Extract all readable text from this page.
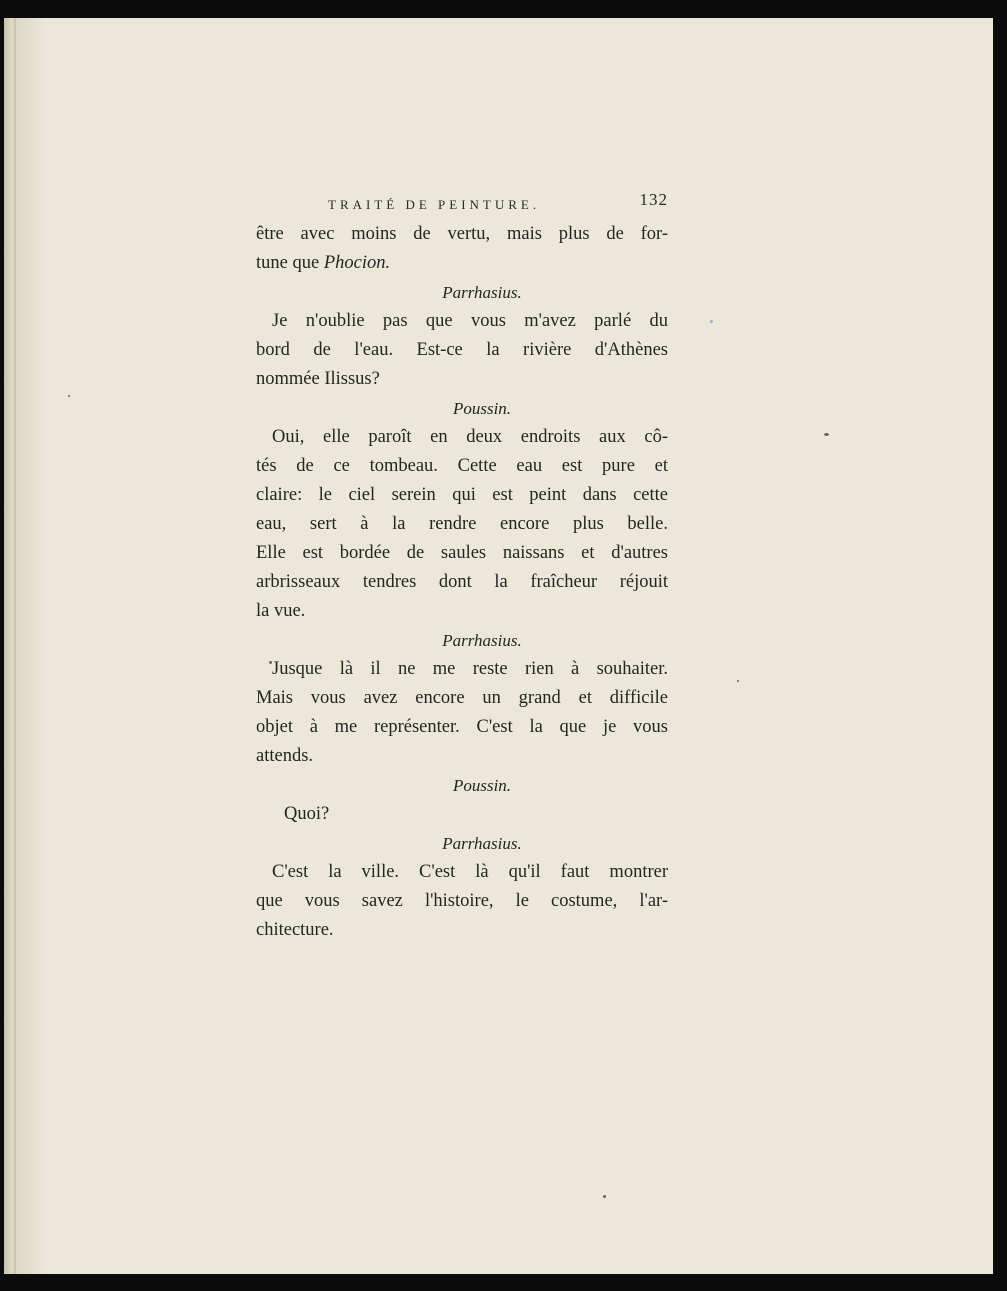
TRAITÉ DE PEINTURE.	132
être avec moins de vertu, mais plus de for-
tune que Phocion.
Parrhasius.
Je n'oublie pas que vous m'avez parlé du
bord de l'eau. Est-ce la rivière d'Athènes
nommée Ilissus?
Poussin.
Oui, elle paroît en deux endroits aux cô-
tés de ce tombeau. Cette eau est pure et
claire: le ciel serein qui est peint dans cette
eau, sert à la rendre encore plus belle.
Elle est bordée de saules naissans et d'autres
arbrisseaux tendres dont la fraîcheur réjouit
la vue.
Parrhasius.
Jusque là il ne me reste rien à souhaiter.
Mais vous avez encore un grand et difficile
objet à me représenter. C'est la que je vous
attends.
Poussin.
Quoi?
Parrhasius.
C'est la ville. C'est là qu'il faut montrer
que vous savez l'histoire, le costume, l'ar-
chitecture.
